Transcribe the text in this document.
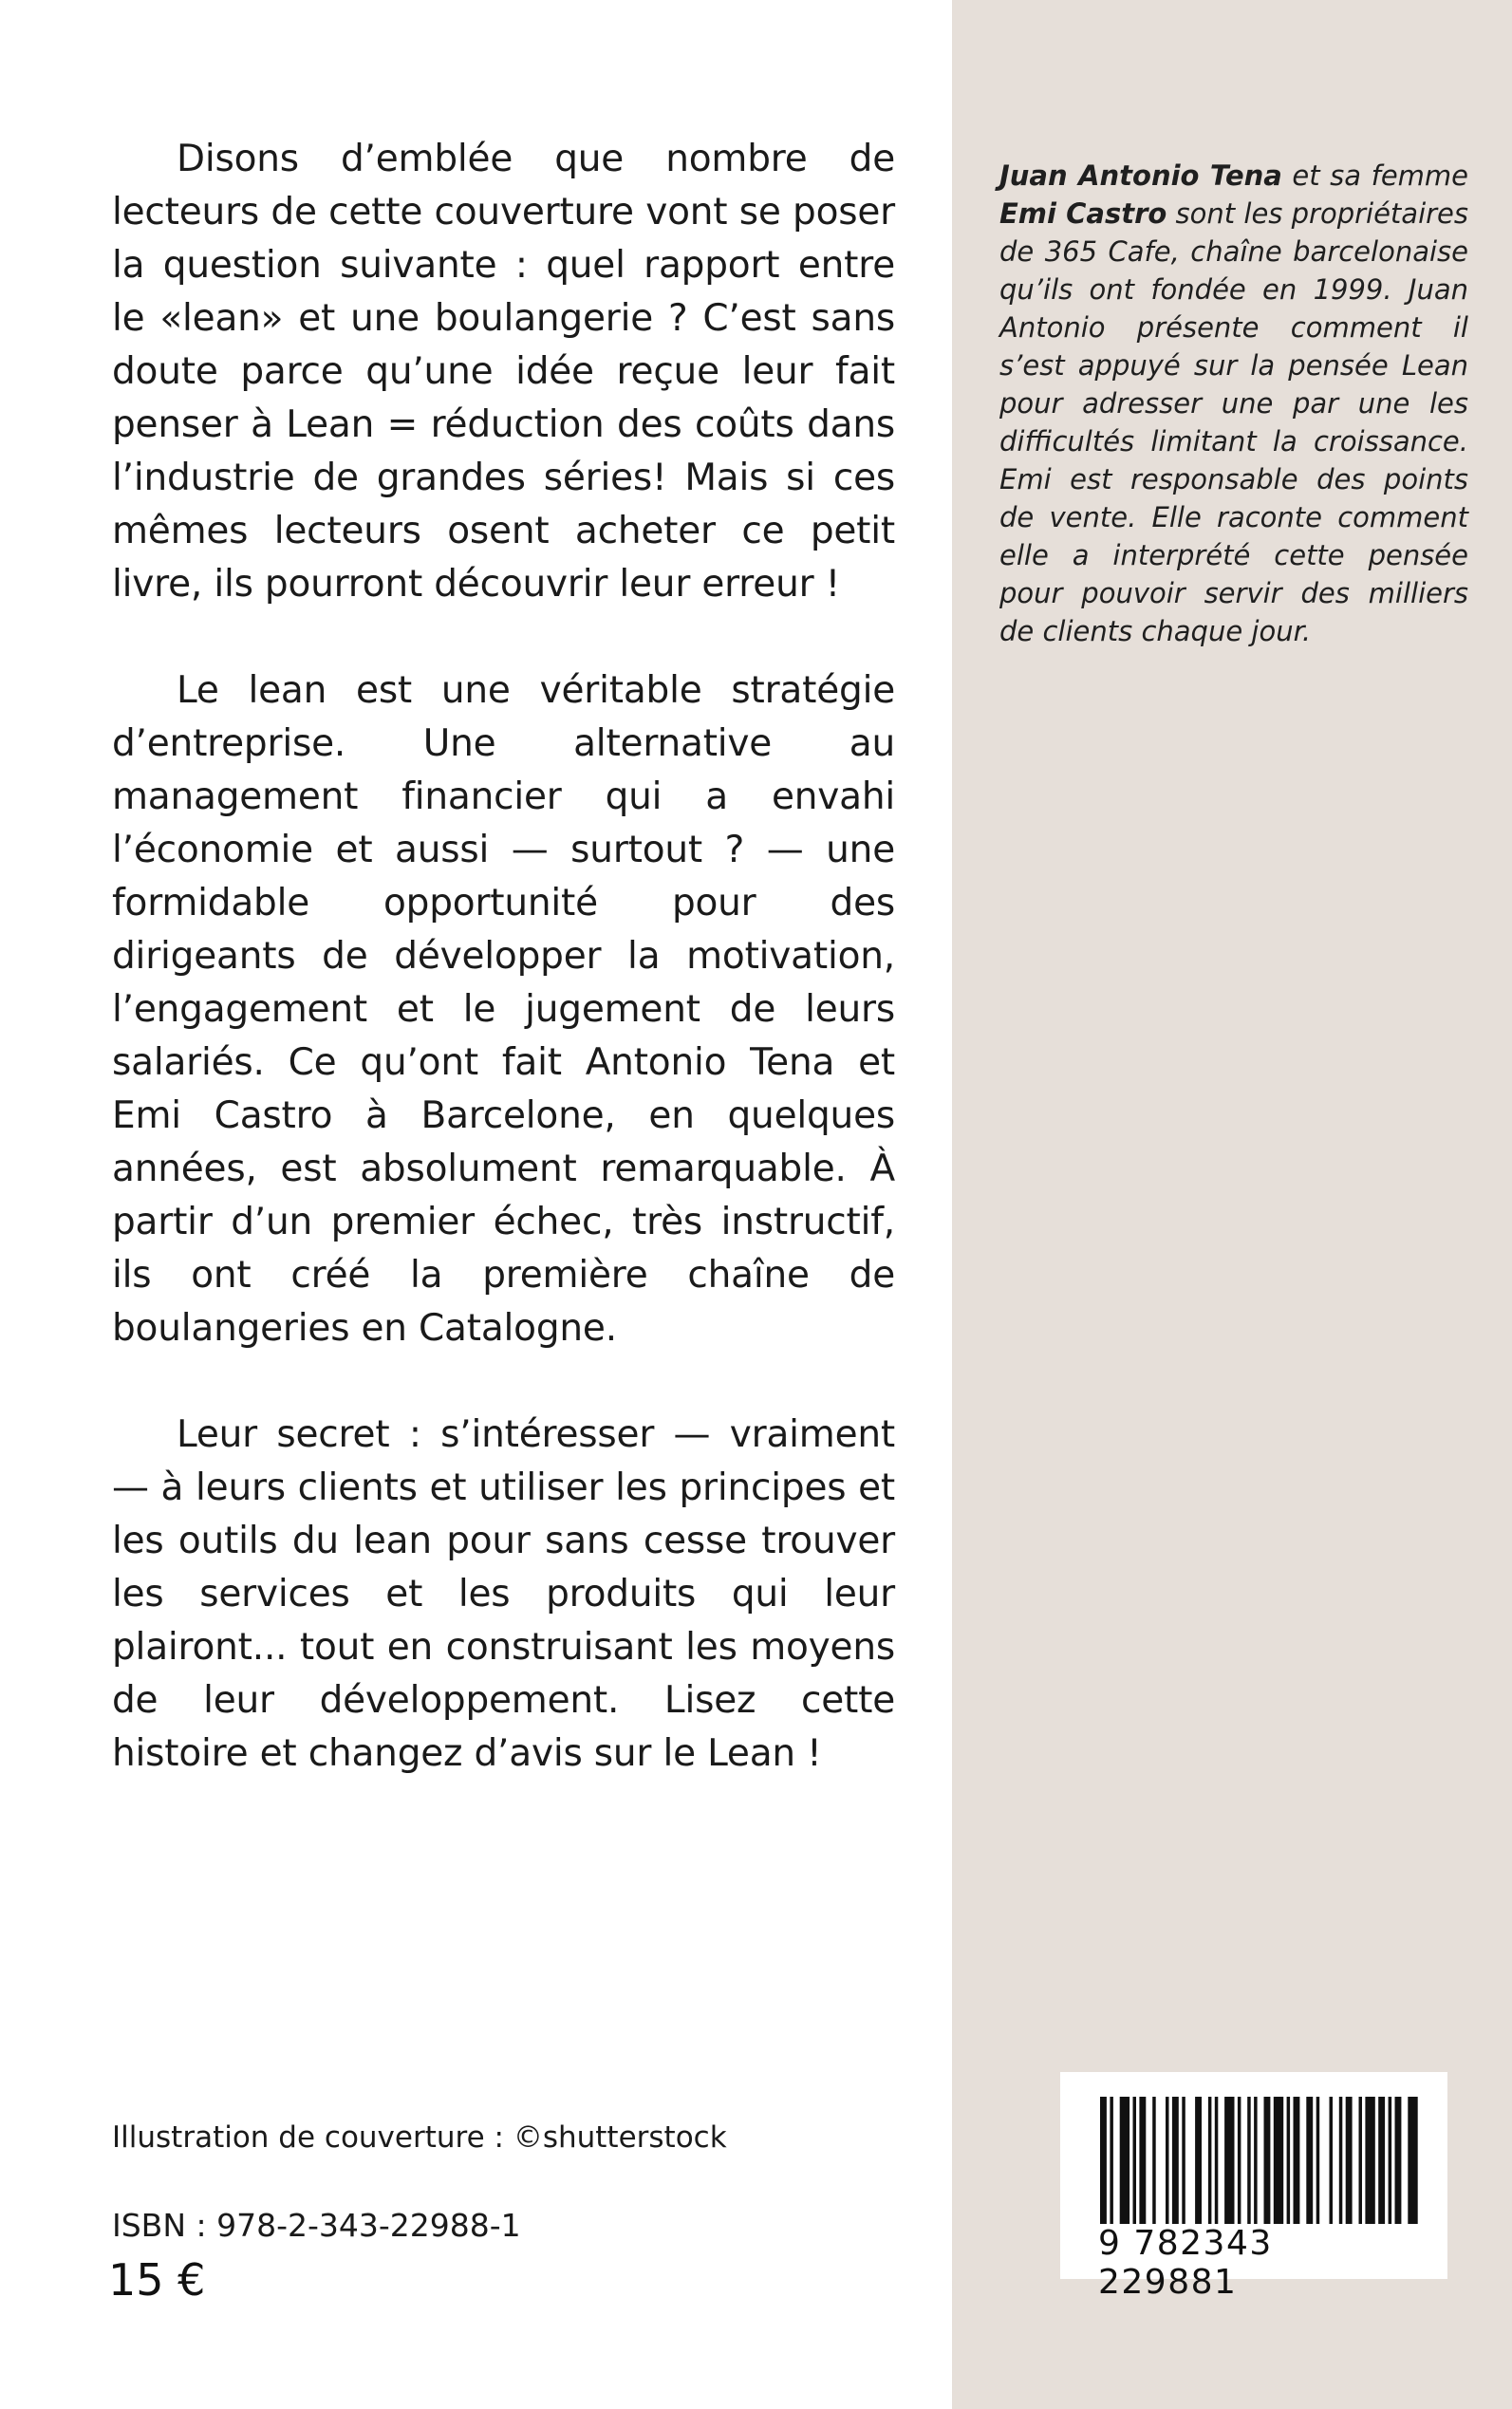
Disons d’emblée que nombre de lecteurs de cette couverture vont se poser la question suivante : quel rapport entre le «lean» et une boulangerie ? C’est sans doute parce qu’une idée reçue leur fait penser à Lean = réduction des coûts dans l’industrie de grandes séries! Mais si ces mêmes lecteurs osent acheter ce petit livre, ils pourront découvrir leur erreur !

Le lean est une véritable stratégie d’entreprise. Une alternative au management financier qui a envahi l’économie et aussi — surtout ? — une formidable opportunité pour des dirigeants de développer la motivation, l’engagement et le jugement de leurs salariés. Ce qu’ont fait Antonio Tena et Emi Castro à Barcelone, en quelques années, est absolument remarquable. À partir d’un premier échec, très instructif, ils ont créé la première chaîne de boulangeries en Catalogne.

Leur secret : s’intéresser — vraiment — à leurs clients et utiliser les principes et les outils du lean pour sans cesse trouver les services et les produits qui leur plairont... tout en construisant les moyens de leur développement. Lisez cette histoire et changez d’avis sur le Lean !

Juan Antonio Tena et sa femme Emi Castro sont les propriétaires de 365 Cafe, chaîne barcelonaise qu’ils ont fondée en 1999. Juan Antonio présente comment il s’est appuyé sur la pensée Lean pour adresser une par une les difficultés limitant la croissance. Emi est responsable des points de vente. Elle raconte comment elle a interprété cette pensée pour pouvoir servir des milliers de clients chaque jour.
9 782343 229881
Illustration de couverture : ©shutterstock
ISBN : 978-2-343-22988-1
15 €
